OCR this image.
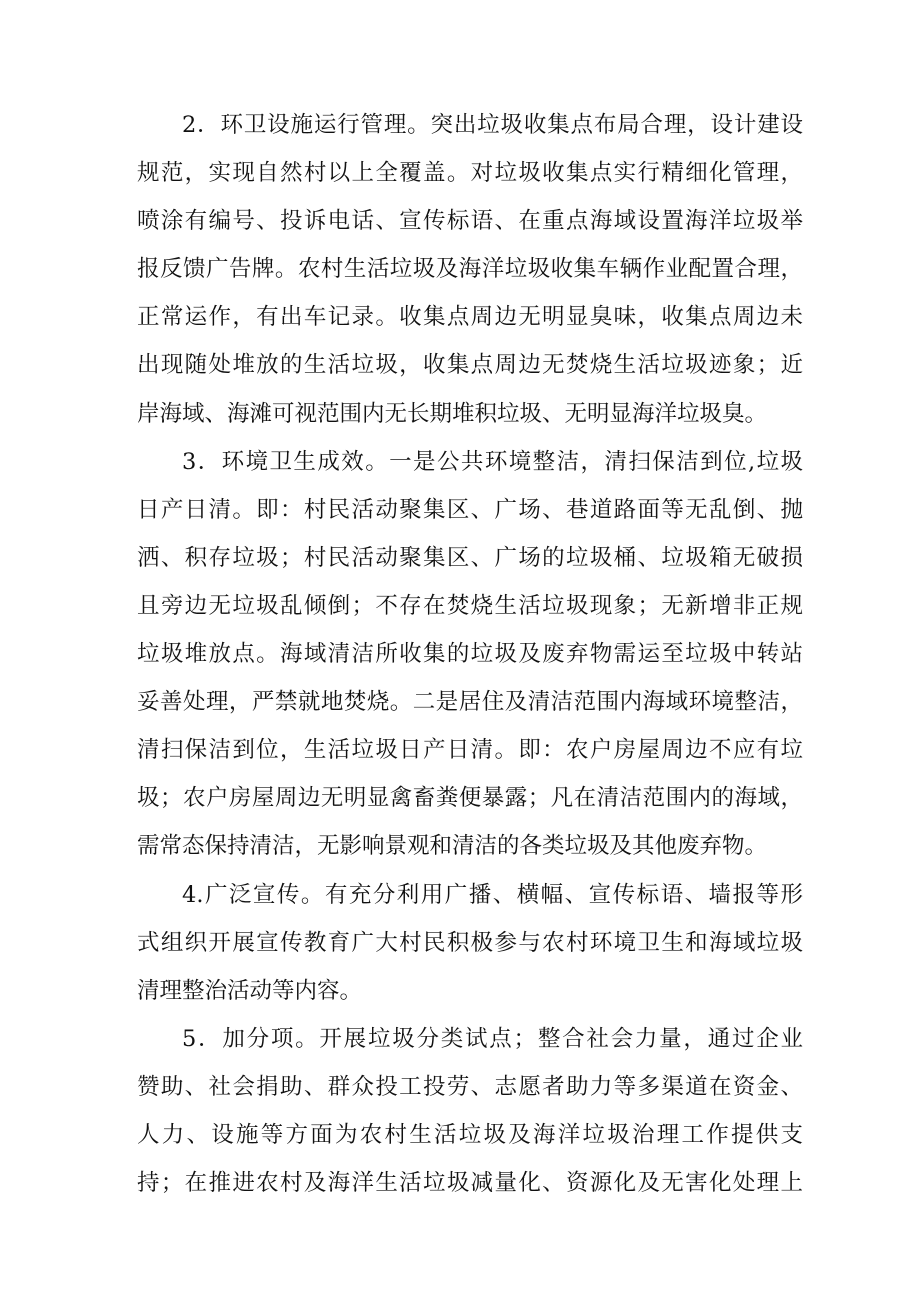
2．环卫设施运行管理。突出垃圾收集点布局合理，设计建设
规范，实现自然村以上全覆盖。对垃圾收集点实行精细化管理，
喷涂有编号、投诉电话、宣传标语、在重点海域设置海洋垃圾举
报反馈广告牌。农村生活垃圾及海洋垃圾收集车辆作业配置合理，
正常运作，有出车记录。收集点周边无明显臭味，收集点周边未
出现随处堆放的生活垃圾，收集点周边无焚烧生活垃圾迹象；近
岸海域、海滩可视范围内无长期堆积垃圾、无明显海洋垃圾臭。
3．环境卫生成效。一是公共环境整洁，清扫保洁到位,垃圾
日产日清。即：村民活动聚集区、广场、巷道路面等无乱倒、抛
洒、积存垃圾；村民活动聚集区、广场的垃圾桶、垃圾箱无破损
且旁边无垃圾乱倾倒；不存在焚烧生活垃圾现象；无新增非正规
垃圾堆放点。海域清洁所收集的垃圾及废弃物需运至垃圾中转站
妥善处理，严禁就地焚烧。二是居住及清洁范围内海域环境整洁，
清扫保洁到位，生活垃圾日产日清。即：农户房屋周边不应有垃
圾；农户房屋周边无明显禽畜粪便暴露；凡在清洁范围内的海域，
需常态保持清洁，无影响景观和清洁的各类垃圾及其他废弃物。
4.广泛宣传。有充分利用广播、横幅、宣传标语、墙报等形
式组织开展宣传教育广大村民积极参与农村环境卫生和海域垃圾
清理整治活动等内容。
5．加分项。开展垃圾分类试点；整合社会力量，通过企业
赞助、社会捐助、群众投工投劳、志愿者助力等多渠道在资金、
人力、设施等方面为农村生活垃圾及海洋垃圾治理工作提供支
持；在推进农村及海洋生活垃圾减量化、资源化及无害化处理上
